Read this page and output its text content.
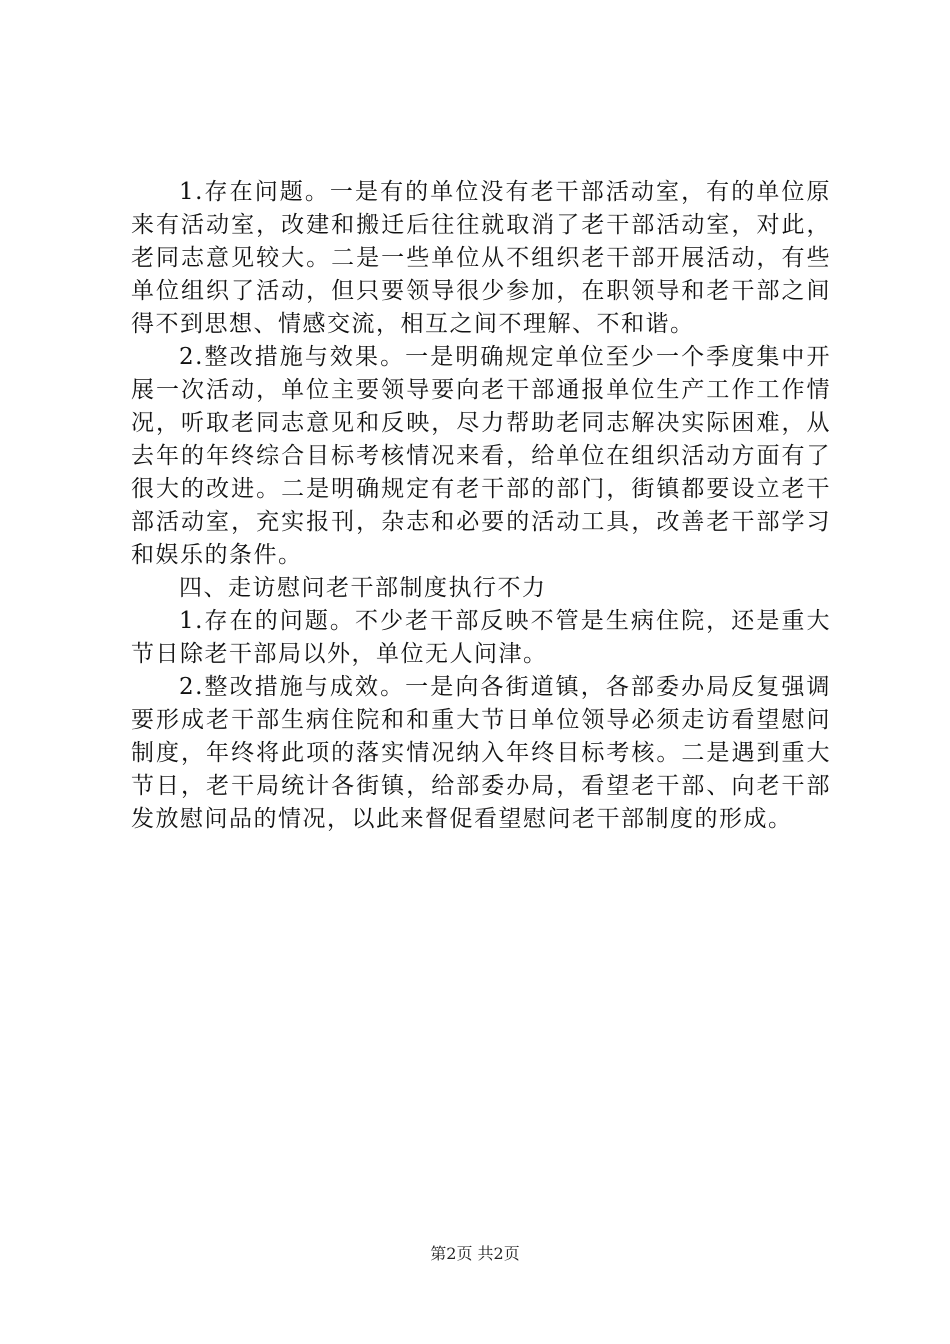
1.存在问题。一是有的单位没有老干部活动室，有的单位原来有活动室，改建和搬迁后往往就取消了老干部活动室，对此，老同志意见较大。二是一些单位从不组织老干部开展活动，有些单位组织了活动，但只要领导很少参加，在职领导和老干部之间得不到思想、情感交流，相互之间不理解、不和谐。

2.整改措施与效果。一是明确规定单位至少一个季度集中开展一次活动，单位主要领导要向老干部通报单位生产工作工作情况，听取老同志意见和反映，尽力帮助老同志解决实际困难，从去年的年终综合目标考核情况来看，给单位在组织活动方面有了很大的改进。二是明确规定有老干部的部门，街镇都要设立老干部活动室，充实报刊，杂志和必要的活动工具，改善老干部学习和娱乐的条件。

四、走访慰问老干部制度执行不力

1.存在的问题。不少老干部反映不管是生病住院，还是重大节日除老干部局以外，单位无人问津。

2.整改措施与成效。一是向各街道镇，各部委办局反复强调要形成老干部生病住院和和重大节日单位领导必须走访看望慰问制度，年终将此项的落实情况纳入年终目标考核。二是遇到重大节日，老干局统计各街镇，给部委办局，看望老干部、向老干部发放慰问品的情况，以此来督促看望慰问老干部制度的形成。

第2页 共2页
